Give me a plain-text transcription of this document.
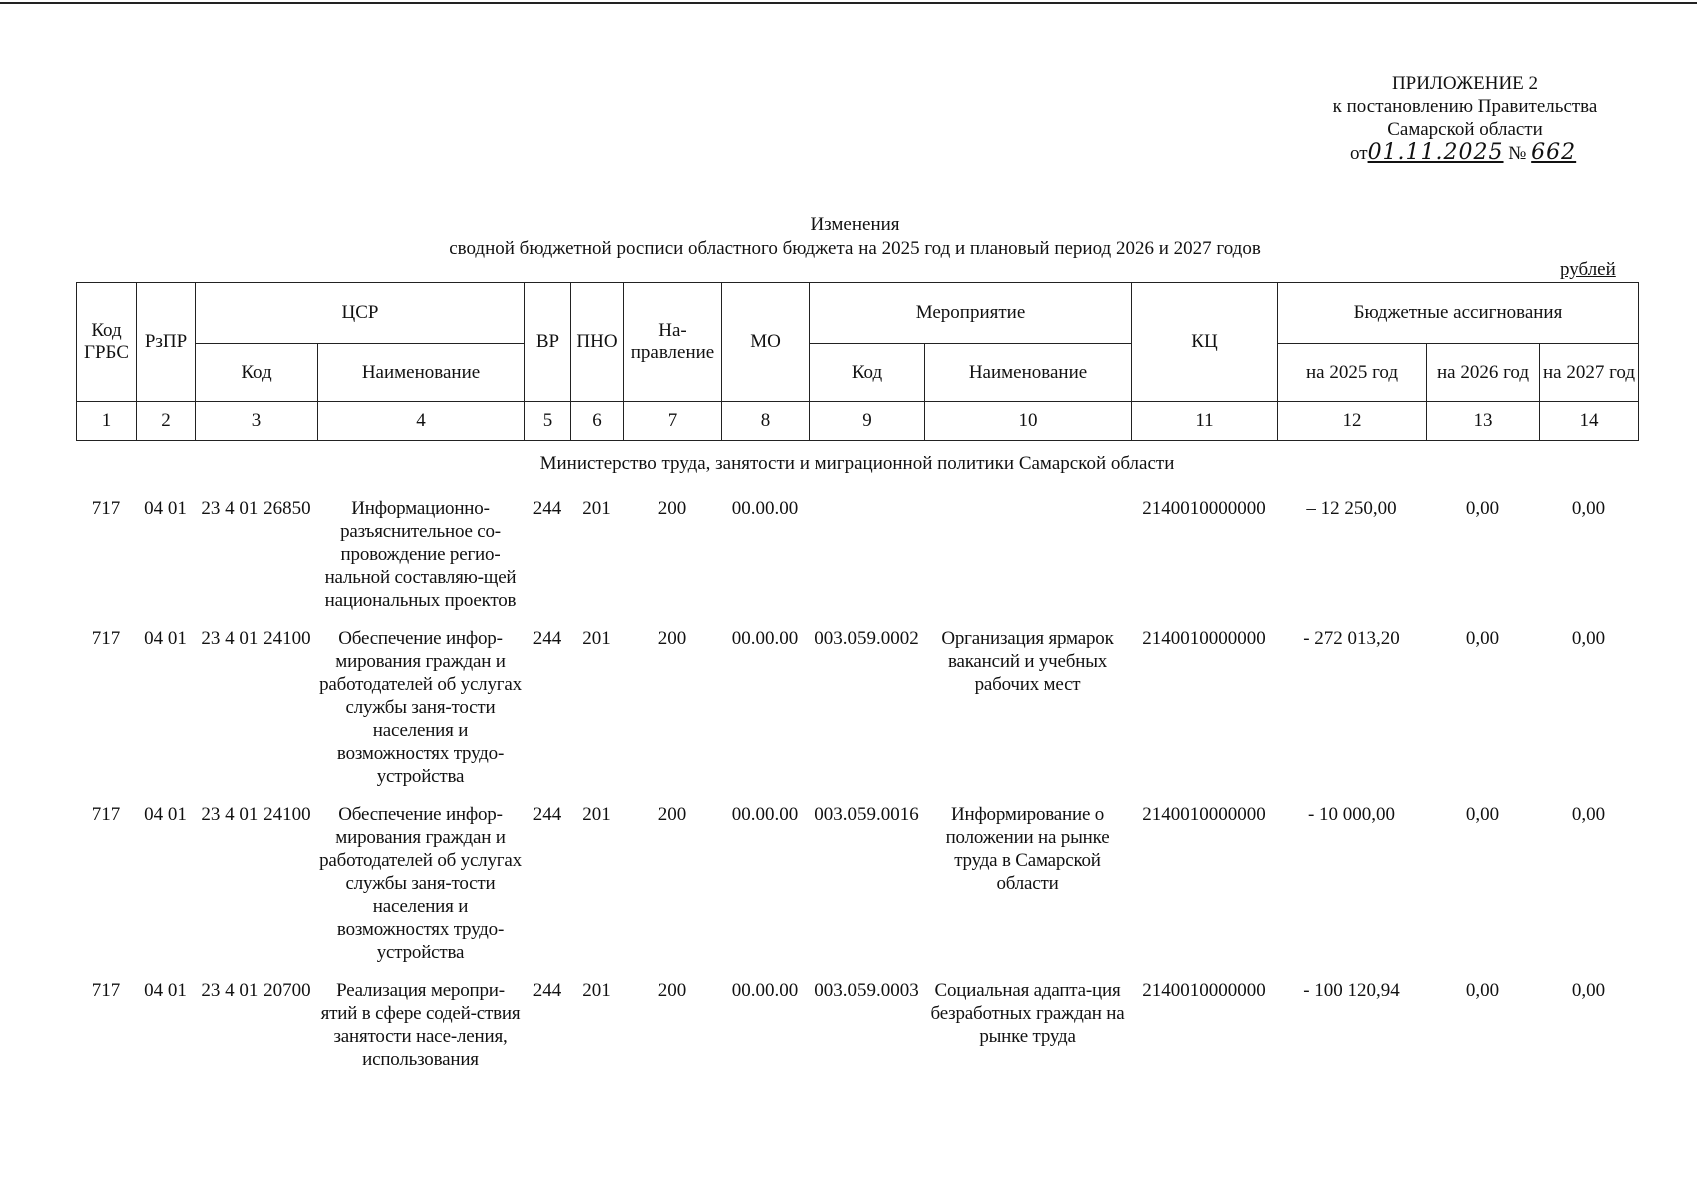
ПРИЛОЖЕНИЕ 2
к постановлению Правительства
Самарской области
от01.11.2025 № 662
Изменения
сводной бюджетной росписи областного бюджета на 2025 год и плановый период 2026 и 2027 годов
рублей
Код ГРБС	РзПР	ЦСР		ВР	ПНО	На-правление	МО	Мероприятие		КЦ	Бюджетные ассигнования		
		Код	Наименование					Код	Наименование		на 2025 год	на 2026 год	на 2027 год
1	2	3	4	5	6	7	8	9	10	11	12	13	14
Министерство труда, занятости и миграционной политики Самарской области
717	04 01	23 4 01 26850	Информационно-разъяснительное со-провождение регио-нальной составляю-щей национальных проектов	244	201	200	00.00.00			2140010000000	– 12 250,00	0,00	0,00
717	04 01	23 4 01 24100	Обеспечение инфор-мирования граждан и работодателей об услугах службы заня-тости населения и возможностях трудо-устройства	244	201	200	00.00.00	003.059.0002	Организация ярмарок вакансий и учебных рабочих мест	2140010000000	- 272 013,20	0,00	0,00
717	04 01	23 4 01 24100	Обеспечение инфор-мирования граждан и работодателей об услугах службы заня-тости населения и возможностях трудо-устройства	244	201	200	00.00.00	003.059.0016	Информирование о положении на рынке труда в Самарской области	2140010000000	- 10 000,00	0,00	0,00
717	04 01	23 4 01 20700	Реализация меропри-ятий в сфере содей-ствия занятости насе-ления, использования	244	201	200	00.00.00	003.059.0003	Социальная адапта-ция безработных граждан на рынке труда	2140010000000	- 100 120,94	0,00	0,00
